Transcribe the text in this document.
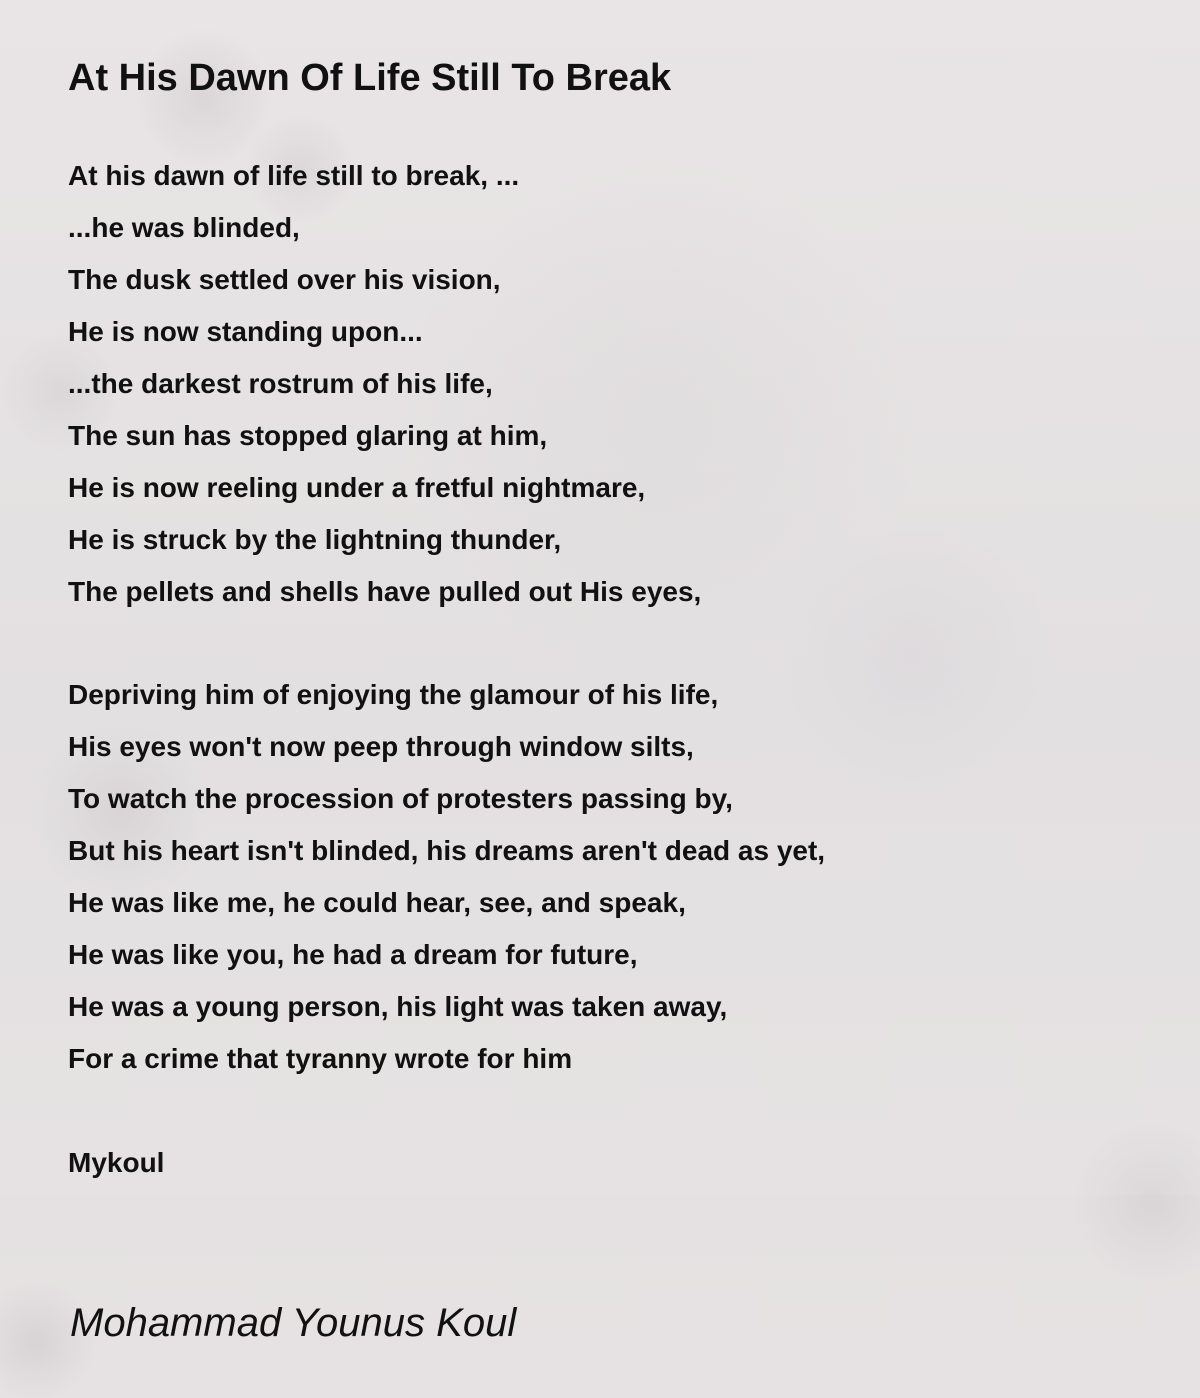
At His Dawn Of Life Still To Break
At his dawn of life still to break, ...
...he was blinded,
The dusk settled over his vision,
He is now standing upon...
...the darkest rostrum of his life,
The sun has stopped glaring at him,
He is now reeling under a fretful nightmare,
He is struck by the lightning thunder,
The pellets and shells have pulled out His eyes,
Depriving him of enjoying the glamour of his life,
His eyes won't now peep through window silts,
To watch the procession of protesters passing by,
But his heart isn't blinded, his dreams aren't dead as yet,
He was like me, he could hear, see, and speak,
He was like you, he had a dream for future,
He was a young person, his light was taken away,
For a crime that tyranny wrote for him
Mykoul
Mohammad Younus Koul
